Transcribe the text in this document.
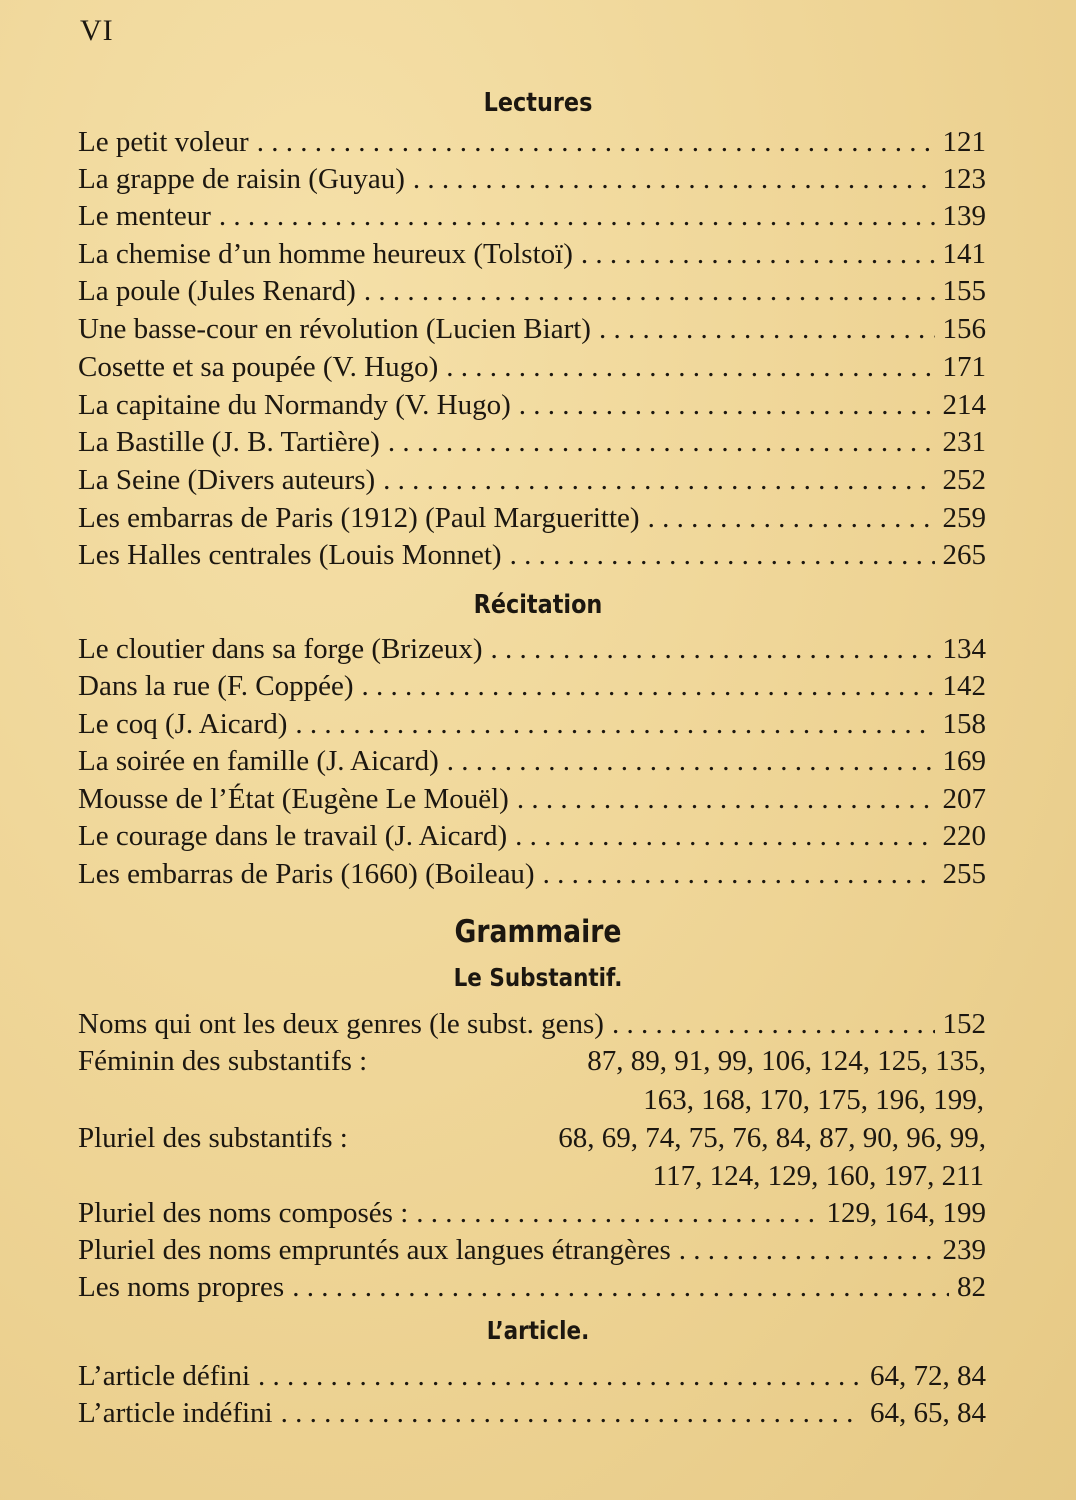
VI
Lectures
Le petit voleur . . .	121
La grappe de raisin (Guyau) . . .	123
Le menteur . . .	139
La chemise d’un homme heureux (Tolstoï) . . .	141
La poule (Jules Renard) . . .	155
Une basse-cour en révolution (Lucien Biart) . . .	156
Cosette et sa poupée (V. Hugo) . . .	171
La capitaine du Normandy (V. Hugo) . . .	214
La Bastille (J. B. Tartière) . . .	231
La Seine (Divers auteurs) . . .	252
Les embarras de Paris (1912) (Paul Margueritte) . . .	259
Les Halles centrales (Louis Monnet) . . .	265
Récitation
Le cloutier dans sa forge (Brizeux) . . .	134
Dans la rue (F. Coppée) . . .	142
Le coq (J. Aicard) . . .	158
La soirée en famille (J. Aicard) . . .	169
Mousse de l’État (Eugène Le Mouël) . . .	207
Le courage dans le travail (J. Aicard) . . .	220
Les embarras de Paris (1660) (Boileau) . . .	255
Grammaire
Le Substantif.
Noms qui ont les deux genres (le subst. gens) . . .	152
Féminin des substantifs :	87, 89, 91, 99, 106, 124, 125, 135,
163, 168, 170, 175, 196, 199,
Pluriel des substantifs :	68, 69, 74, 75, 76, 84, 87, 90, 96, 99,
117, 124, 129, 160, 197, 211
Pluriel des noms composés : . . .	129, 164, 199
Pluriel des noms empruntés aux langues étrangères . . .	239
Les noms propres . . .	82
L’article.
L’article défini . . .	64, 72, 84
L’article indéfini . . .	64, 65, 84
